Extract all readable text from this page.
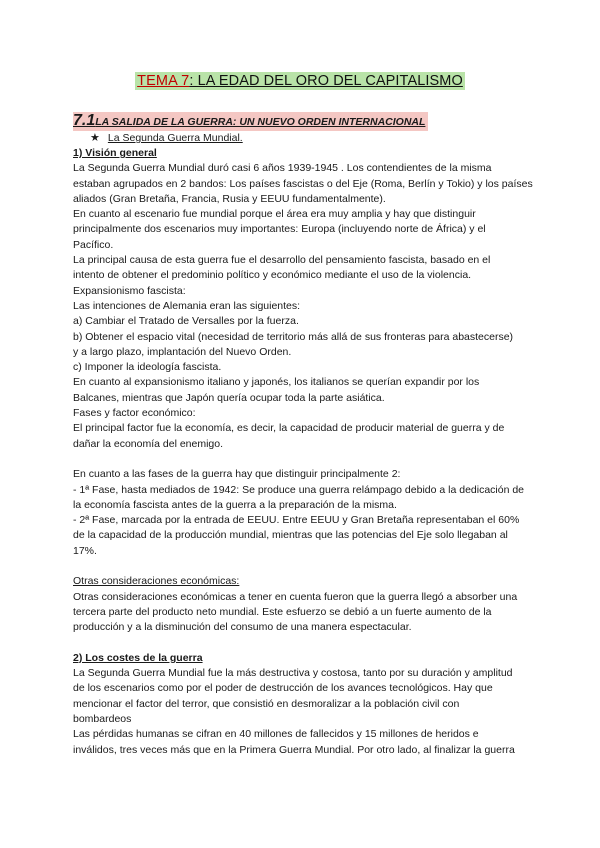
TEMA 7: LA EDAD DEL ORO DEL CAPITALISMO
7.1LA SALIDA DE LA GUERRA: UN NUEVO ORDEN INTERNACIONAL
★ La Segunda Guerra Mundial.
1) Visión general
La Segunda Guerra Mundial duró casi 6 años 1939-1945 . Los contendientes de la misma
estaban agrupados en 2 bandos: Los países fascistas o del Eje (Roma, Berlín y Tokio) y los países
aliados (Gran Bretaña, Francia, Rusia y EEUU fundamentalmente).
En cuanto al escenario fue mundial porque el área era muy amplia y hay que distinguir
principalmente dos escenarios muy importantes: Europa (incluyendo norte de África) y el
Pacífico.
La principal causa de esta guerra fue el desarrollo del pensamiento fascista, basado en el
intento de obtener el predominio político y económico mediante el uso de la violencia.
Expansionismo fascista:
Las intenciones de Alemania eran las siguientes:
a) Cambiar el Tratado de Versalles por la fuerza.
b) Obtener el espacio vital (necesidad de territorio más allá de sus fronteras para abastecerse)
y a largo plazo, implantación del Nuevo Orden.
c) Imponer la ideología fascista.
En cuanto al expansionismo italiano y japonés, los italianos se querían expandir por los
Balcanes, mientras que Japón quería ocupar toda la parte asiática.
Fases y factor económico:
El principal factor fue la economía, es decir, la capacidad de producir material de guerra y de
dañar la economía del enemigo.
En cuanto a las fases de la guerra hay que distinguir principalmente 2:
- 1ª Fase, hasta mediados de 1942: Se produce una guerra relámpago debido a la dedicación de
la economía fascista antes de la guerra a la preparación de la misma.
- 2ª Fase, marcada por la entrada de EEUU. Entre EEUU y Gran Bretaña representaban el 60%
de la capacidad de la producción mundial, mientras que las potencias del Eje solo llegaban al
17%.
Otras consideraciones económicas:
Otras consideraciones económicas a tener en cuenta fueron que la guerra llegó a absorber una
tercera parte del producto neto mundial. Este esfuerzo se debió a un fuerte aumento de la
producción y a la disminución del consumo de una manera espectacular.
2) Los costes de la guerra
La Segunda Guerra Mundial fue la más destructiva y costosa, tanto por su duración y amplitud
de los escenarios como por el poder de destrucción de los avances tecnológicos. Hay que
mencionar el factor del terror, que consistió en desmoralizar a la población civil con
bombardeos
Las pérdidas humanas se cifran en 40 millones de fallecidos y 15 millones de heridos e
inválidos, tres veces más que en la Primera Guerra Mundial. Por otro lado, al finalizar la guerra
